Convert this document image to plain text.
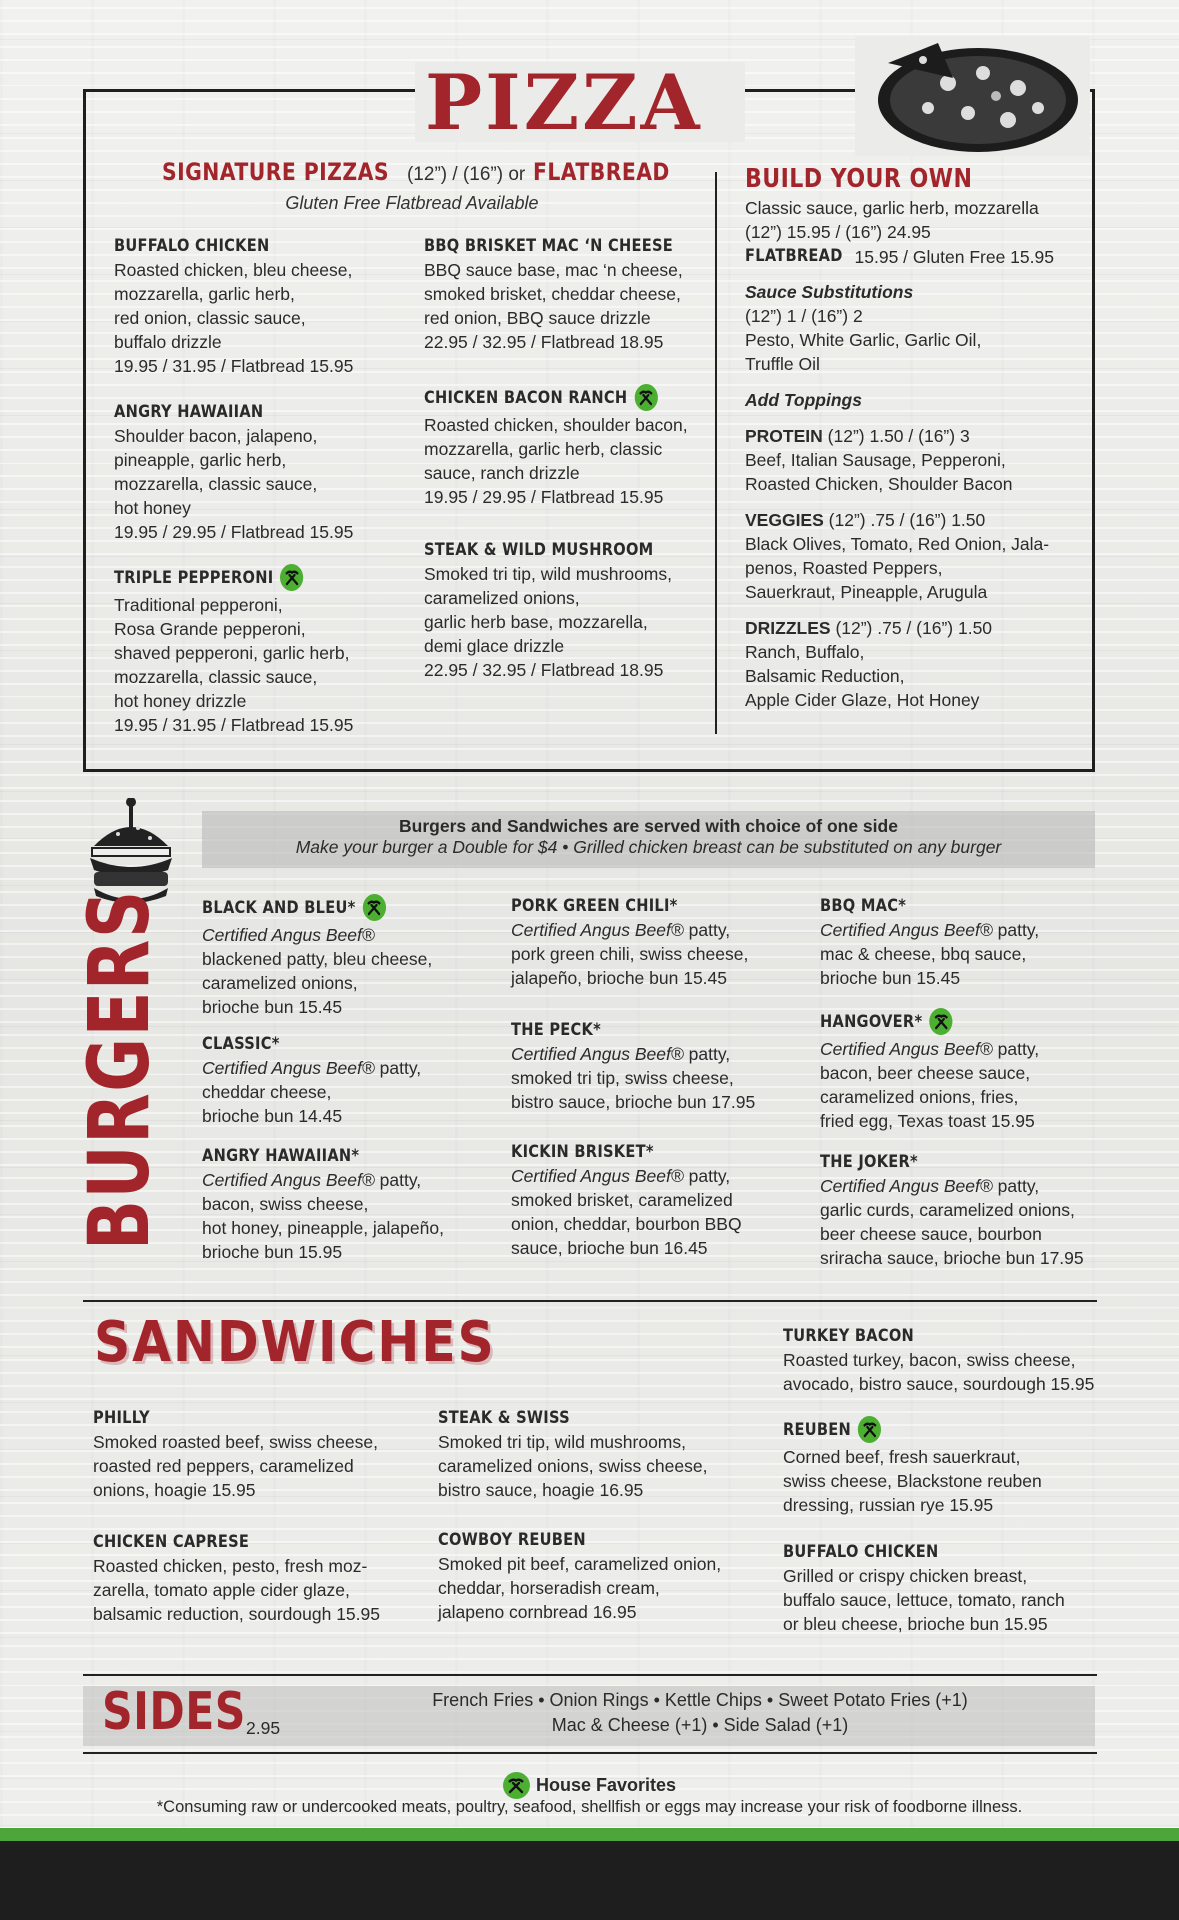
PIZZA
SIGNATURE PIZZAS (12”) / (16”) or FLATBREAD
Gluten Free Flatbread Available
BUFFALO CHICKEN
Roasted chicken, bleu cheese,
mozzarella, garlic herb,
red onion, classic sauce,
buffalo drizzle
19.95 / 31.95 / Flatbread 15.95
ANGRY HAWAIIAN
Shoulder bacon, jalapeno,
pineapple, garlic herb,
mozzarella, classic sauce,
hot honey
19.95 / 29.95 / Flatbread 15.95
TRIPLE PEPPERONI
Traditional pepperoni,
Rosa Grande pepperoni,
shaved pepperoni, garlic herb,
mozzarella, classic sauce,
hot honey drizzle
19.95 / 31.95 / Flatbread 15.95
BBQ BRISKET MAC ‘N CHEESE
BBQ sauce base, mac ‘n cheese,
smoked brisket, cheddar cheese,
red onion, BBQ sauce drizzle
22.95 / 32.95 / Flatbread 18.95
CHICKEN BACON RANCH
Roasted chicken, shoulder bacon,
mozzarella, garlic herb, classic
sauce, ranch drizzle
19.95 / 29.95 / Flatbread 15.95
STEAK & WILD MUSHROOM
Smoked tri tip, wild mushrooms,
caramelized onions,
garlic herb base, mozzarella,
demi glace drizzle
22.95 / 32.95 / Flatbread 18.95
BUILD YOUR OWN
Classic sauce, garlic herb, mozzarella
(12”) 15.95 / (16”) 24.95
FLATBREAD 15.95 / Gluten Free 15.95
Sauce Substitutions
(12”) 1 / (16”) 2
Pesto, White Garlic, Garlic Oil,
Truffle Oil
Add Toppings
PROTEIN (12”) 1.50 / (16”) 3
Beef, Italian Sausage, Pepperoni,
Roasted Chicken, Shoulder Bacon
VEGGIES (12”) .75 / (16”) 1.50
Black Olives, Tomato, Red Onion, Jala-
penos, Roasted Peppers,
Sauerkraut, Pineapple, Arugula
DRIZZLES (12”) .75 / (16”) 1.50
Ranch, Buffalo,
Balsamic Reduction,
Apple Cider Glaze, Hot Honey
BURGERS
Burgers and Sandwiches are served with choice of one side
Make your burger a Double for $4 • Grilled chicken breast can be substituted on any burger
BLACK AND BLEU*
Certified Angus Beef®
blackened patty, bleu cheese,
caramelized onions,
brioche bun 15.45
CLASSIC*
Certified Angus Beef® patty,
cheddar cheese,
brioche bun 14.45
ANGRY HAWAIIAN*
Certified Angus Beef® patty,
bacon, swiss cheese,
hot honey, pineapple, jalapeño,
brioche bun 15.95
PORK GREEN CHILI*
Certified Angus Beef® patty,
pork green chili, swiss cheese,
jalapeño, brioche bun 15.45
THE PECK*
Certified Angus Beef® patty,
smoked tri tip, swiss cheese,
bistro sauce, brioche bun 17.95
KICKIN BRISKET*
Certified Angus Beef® patty,
smoked brisket, caramelized
onion, cheddar, bourbon BBQ
sauce, brioche bun 16.45
BBQ MAC*
Certified Angus Beef® patty,
mac & cheese, bbq sauce,
brioche bun 15.45
HANGOVER*
Certified Angus Beef® patty,
bacon, beer cheese sauce,
caramelized onions, fries,
fried egg, Texas toast 15.95
THE JOKER*
Certified Angus Beef® patty,
garlic curds, caramelized onions,
beer cheese sauce, bourbon
sriracha sauce, brioche bun 17.95
SANDWICHES
PHILLY
Smoked roasted beef, swiss cheese,
roasted red peppers, caramelized
onions, hoagie 15.95
CHICKEN CAPRESE
Roasted chicken, pesto, fresh moz-
zarella, tomato apple cider glaze,
balsamic reduction, sourdough 15.95
STEAK & SWISS
Smoked tri tip, wild mushrooms,
caramelized onions, swiss cheese,
bistro sauce, hoagie 16.95
COWBOY REUBEN
Smoked pit beef, caramelized onion,
cheddar, horseradish cream,
jalapeno cornbread 16.95
TURKEY BACON
Roasted turkey, bacon, swiss cheese,
avocado, bistro sauce, sourdough 15.95
REUBEN
Corned beef, fresh sauerkraut,
swiss cheese, Blackstone reuben
dressing, russian rye 15.95
BUFFALO CHICKEN
Grilled or crispy chicken breast,
buffalo sauce, lettuce, tomato, ranch
or bleu cheese, brioche bun 15.95
SIDES 2.95
French Fries • Onion Rings • Kettle Chips • Sweet Potato Fries (+1)
Mac & Cheese (+1) • Side Salad (+1)
House Favorites
*Consuming raw or undercooked meats, poultry, seafood, shellfish or eggs may increase your risk of foodborne illness.
